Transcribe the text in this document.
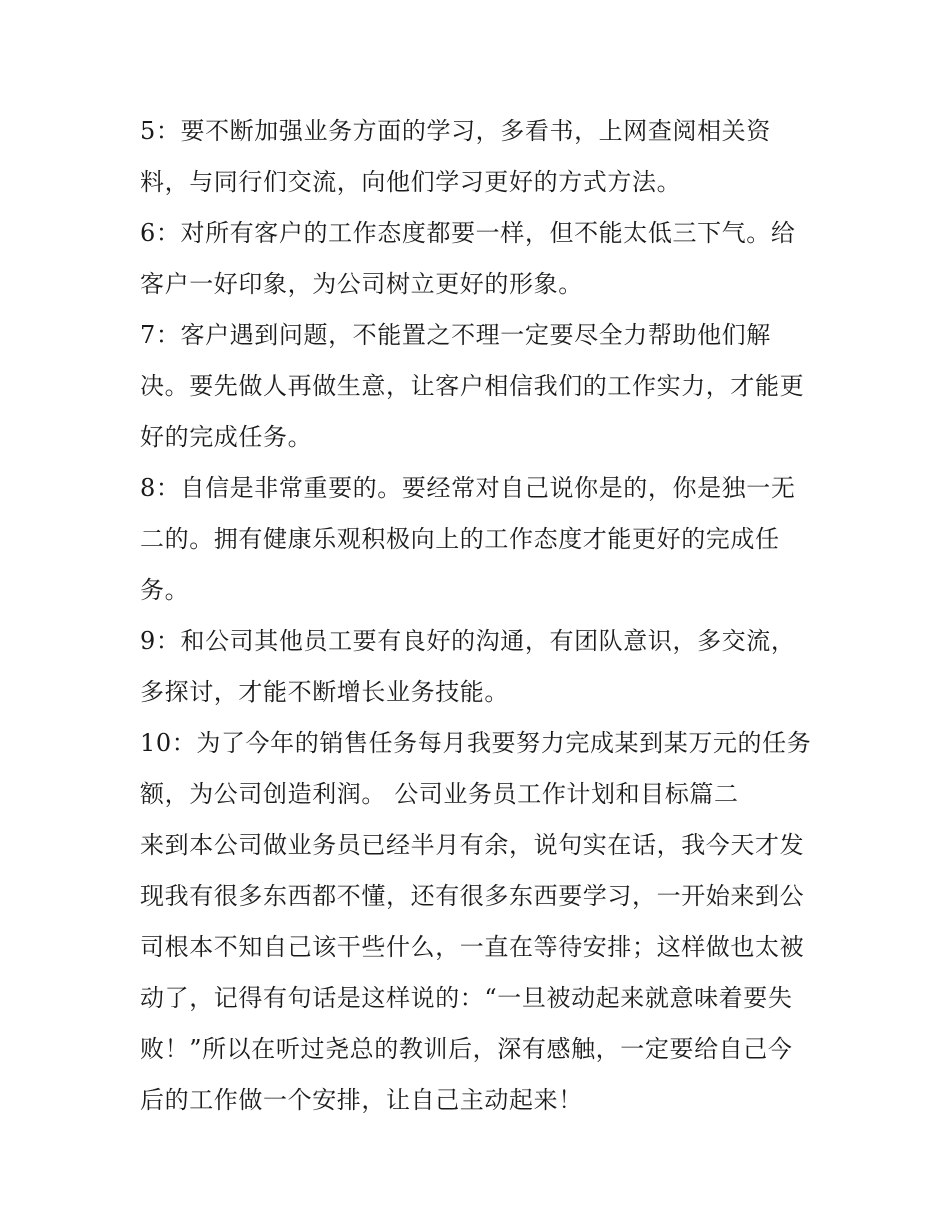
5：要不断加强业务方面的学习，多看书，上网查阅相关资
料，与同行们交流，向他们学习更好的方式方法。
6：对所有客户的工作态度都要一样，但不能太低三下气。给
客户一好印象，为公司树立更好的形象。
7：客户遇到问题，不能置之不理一定要尽全力帮助他们解
决。要先做人再做生意，让客户相信我们的工作实力，才能更
好的完成任务。
8：自信是非常重要的。要经常对自己说你是的，你是独一无
二的。拥有健康乐观积极向上的工作态度才能更好的完成任
务。
9：和公司其他员工要有良好的沟通，有团队意识，多交流，
多探讨，才能不断增长业务技能。
10：为了今年的销售任务每月我要努力完成某到某万元的任务
额，为公司创造利润。 公司业务员工作计划和目标篇二
来到本公司做业务员已经半月有余，说句实在话，我今天才发
现我有很多东西都不懂，还有很多东西要学习，一开始来到公
司根本不知自己该干些什么，一直在等待安排；这样做也太被
动了，记得有句话是这样说的：“一旦被动起来就意味着要失
败！”所以在听过尧总的教训后，深有感触，一定要给自己今
后的工作做一个安排，让自己主动起来！
